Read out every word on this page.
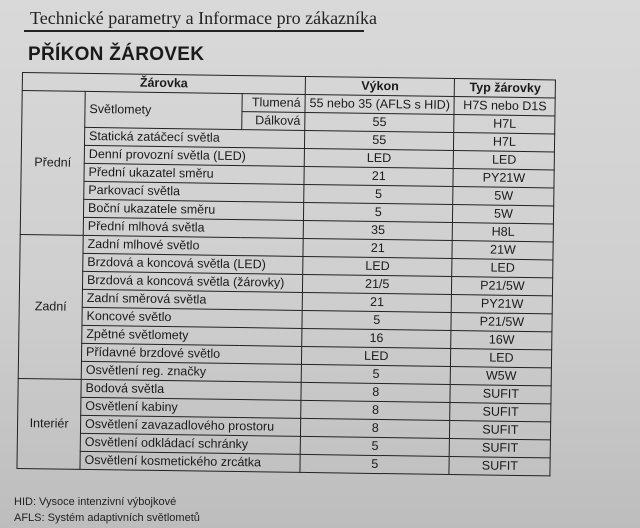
Technické parametry a Informace pro zákazníka
PŘÍKON ŽÁROVEK
Žárovka			Výkon	Typ žárovky
Přední	Světlomety	Tlumená	55 nebo 35 (AFLS s HID)	H7S nebo D1S
		Dálková	55	H7L
	Statická zatáčecí světla		55	H7L
	Denní provozní světla (LED)		LED	LED
	Přední ukazatel směru		21	PY21W
	Parkovací světla		5	5W
	Boční ukazatele směru		5	5W
	Přední mlhová světla		35	H8L
Zadní	Zadní mlhové světlo		21	21W
	Brzdová a koncová světla (LED)		LED	LED
	Brzdová a koncová světla (žárovky)		21/5	P21/5W
	Zadní směrová světla		21	PY21W
	Koncové světlo		5	P21/5W
	Zpětné světlomety		16	16W
	Přídavné brzdové světlo		LED	LED
	Osvětlení reg. značky		5	W5W
Interiér	Bodová světla		8	SUFIT
	Osvětlení kabiny		8	SUFIT
	Osvětlení zavazadlového prostoru		8	SUFIT
	Osvětlení odkládací schránky		5	SUFIT
	Osvětlení kosmetického zrcátka		5	SUFIT
HID: Vysoce intenzivní výbojkové
AFLS: Systém adaptivních světlometů
